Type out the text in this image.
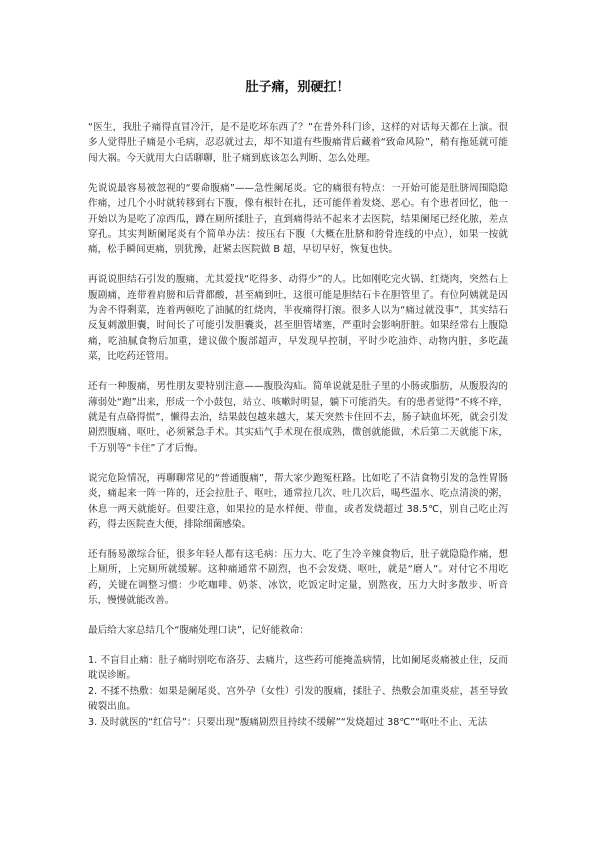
肚子痛，别硬扛！

“医生，我肚子痛得直冒冷汗，是不是吃坏东西了？”在普外科门诊，这样的对话每天都在上演。很多人觉得肚子痛是小毛病，忍忍就过去，却不知道有些腹痛背后藏着“致命风险”，稍有拖延就可能闯大祸。今天就用大白话聊聊，肚子痛到底该怎么判断、怎么处理。

先说说最容易被忽视的“要命腹痛”——急性阑尾炎。它的痛很有特点：一开始可能是肚脐周围隐隐作痛，过几个小时就转移到右下腹，像有根针在扎，还可能伴着发烧、恶心。有个患者回忆，他一开始以为是吃了凉西瓜，蹲在厕所揉肚子，直到痛得站不起来才去医院，结果阑尾已经化脓，差点穿孔。其实判断阑尾炎有个简单办法：按压右下腹（大概在肚脐和胯骨连线的中点），如果一按就痛，松手瞬间更痛，别犹豫，赶紧去医院做 B 超，早切早好，恢复也快。

再说说胆结石引发的腹痛，尤其爱找“吃得多、动得少”的人。比如刚吃完火锅、红烧肉，突然右上腹剧痛，连带着肩膀和后背都酸，甚至痛到吐，这很可能是胆结石卡在胆管里了。有位阿姨就是因为舍不得剩菜，连着两顿吃了油腻的红烧肉，半夜痛得打滚。很多人以为“痛过就没事”，其实结石反复刺激胆囊，时间长了可能引发胆囊炎，甚至胆管堵塞，严重时会影响肝脏。如果经常右上腹隐痛，吃油腻食物后加重，建议做个腹部超声，早发现早控制，平时少吃油炸、动物内脏，多吃蔬菜，比吃药还管用。

还有一种腹痛，男性朋友要特别注意——腹股沟疝。简单说就是肚子里的小肠或脂肪，从腹股沟的薄弱处“跑”出来，形成一个小鼓包，站立、咳嗽时明显，躺下可能消失。有的患者觉得“不疼不痒，就是有点硌得慌”，懒得去治，结果鼓包越来越大，某天突然卡住回不去，肠子缺血坏死，就会引发剧烈腹痛、呕吐，必须紧急手术。其实疝气手术现在很成熟，微创就能做，术后第二天就能下床，千万别等“卡住”了才后悔。

说完危险情况，再聊聊常见的“普通腹痛”，帮大家少跑冤枉路。比如吃了不洁食物引发的急性胃肠炎，痛起来一阵一阵的，还会拉肚子、呕吐，通常拉几次、吐几次后，喝些温水、吃点清淡的粥，休息一两天就能好。但要注意，如果拉的是水样便、带血，或者发烧超过 38.5℃，别自己吃止泻药，得去医院查大便，排除细菌感染。

还有肠易激综合征，很多年轻人都有这毛病：压力大、吃了生冷辛辣食物后，肚子就隐隐作痛，想上厕所，上完厕所就缓解。这种痛通常不剧烈，也不会发烧、呕吐，就是“磨人”。对付它不用吃药，关键在调整习惯：少吃咖啡、奶茶、冰饮，吃饭定时定量，别熬夜，压力大时多散步、听音乐，慢慢就能改善。

最后给大家总结几个“腹痛处理口诀”，记好能救命：

1. 不盲目止痛：肚子痛时别吃布洛芬、去痛片，这些药可能掩盖病情，比如阑尾炎痛被止住，反而耽误诊断。

2. 不揉不热敷：如果是阑尾炎、宫外孕（女性）引发的腹痛，揉肚子、热敷会加重炎症，甚至导致破裂出血。

3. 及时就医的“红信号”：只要出现“腹痛剧烈且持续不缓解”“发烧超过 38℃”“呕吐不止、无法
